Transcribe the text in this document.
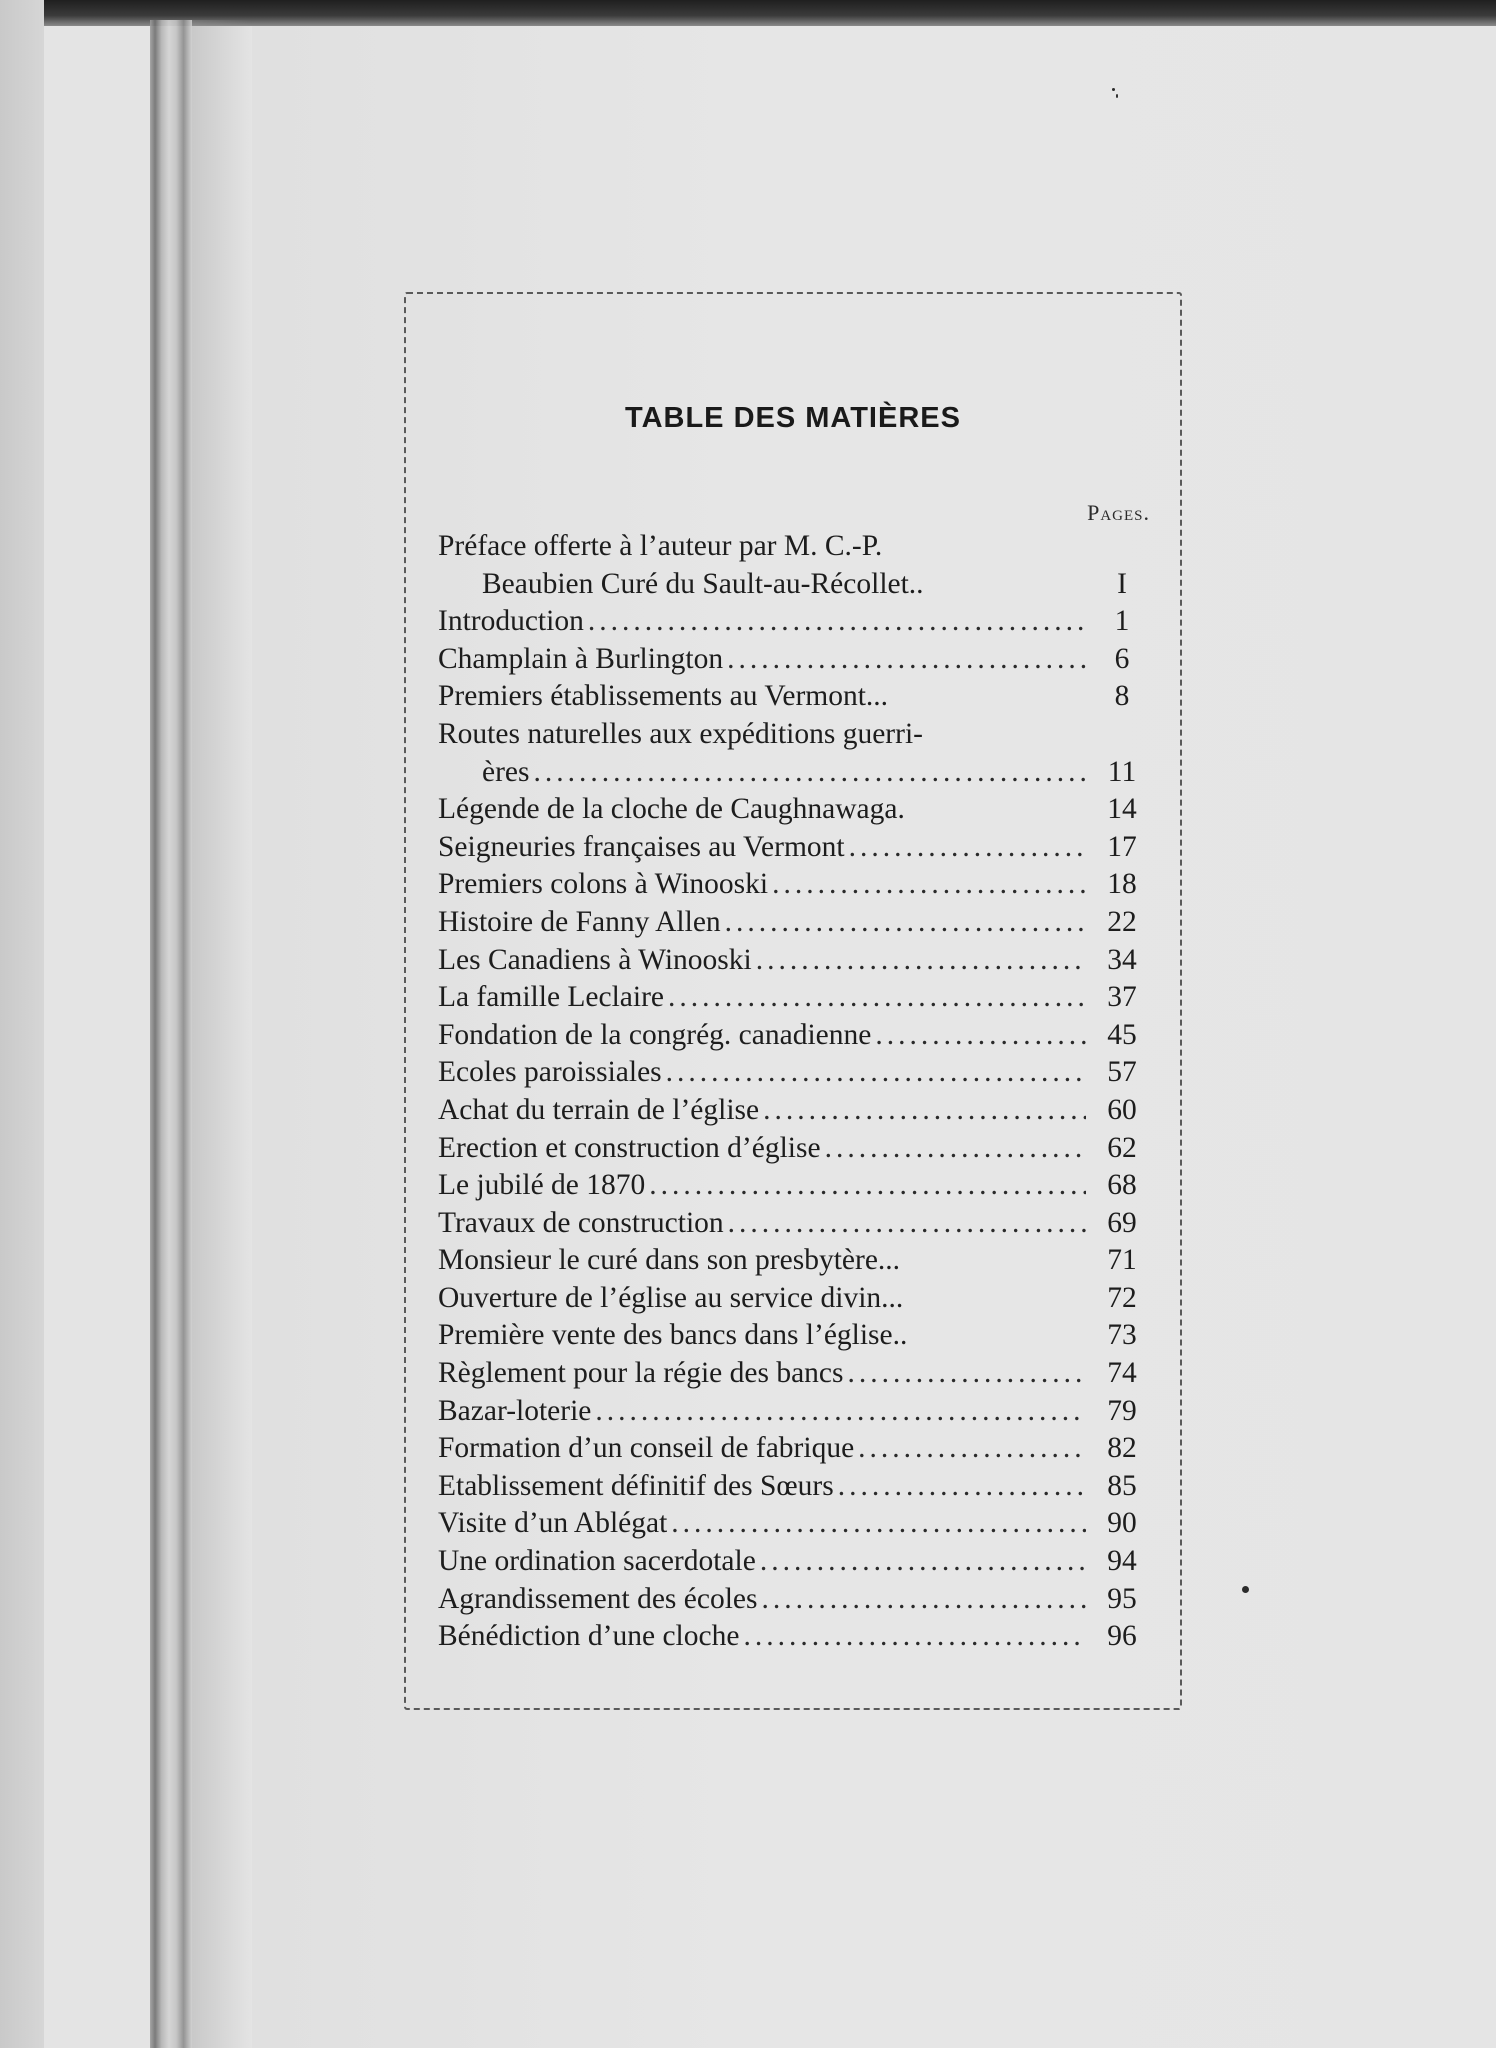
TABLE DES MATIÈRES
Pages.
Préface offerte à l’auteur par M. C.-P.
Beaubien Curé du Sault-au-Récollet..	I
Introduction .....	1
Champlain à Burlington .....	6
Premiers établissements au Vermont...	8
Routes naturelles aux expéditions guerri-
ères .....	11
Légende de la cloche de Caughnawaga.	14
Seigneuries françaises au Vermont .....	17
Premiers colons à Winooski .....	18
Histoire de Fanny Allen .....	22
Les Canadiens à Winooski .....	34
La famille Leclaire .....	37
Fondation de la congrég. canadienne .....	45
Ecoles paroissiales .....	57
Achat du terrain de l’église .....	60
Erection et construction d’église .....	62
Le jubilé de 1870 .....	68
Travaux de construction .....	69
Monsieur le curé dans son presbytère...	71
Ouverture de l’église au service divin...	72
Première vente des bancs dans l’église..	73
Règlement pour la régie des bancs .....	74
Bazar-loterie .....	79
Formation d’un conseil de fabrique .....	82
Etablissement définitif des Sœurs .....	85
Visite d’un Ablégat .....	90
Une ordination sacerdotale .....	94
Agrandissement des écoles .....	95
Bénédiction d’une cloche .....	96
